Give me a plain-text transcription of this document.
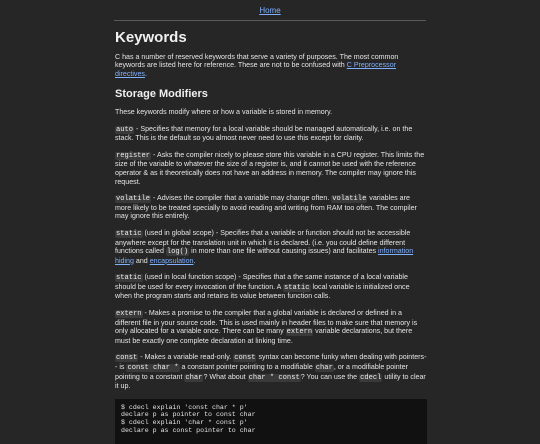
Home
Keywords

C has a number of reserved keywords that serve a variety of purposes. The most common keywords are listed here for reference. These are not to be confused with C Preprocessor directives.

Storage Modifiers

These keywords modify where or how a variable is stored in memory.

auto - Specifies that memory for a local variable should be managed automatically, i.e. on the stack. This is the default so you almost never need to use this except for clarity.

register - Asks the compiler nicely to please store this variable in a CPU register. This limits the size of the variable to whatever the size of a register is, and it cannot be used with the reference operator & as it theoretically does not have an address in memory. The compiler may ignore this request.

volatile - Advises the compiler that a variable may change often. volatile variables are more likely to be treated specially to avoid reading and writing from RAM too often. The compiler may ignore this entirely.

static (used in global scope) - Specifies that a variable or function should not be accessible anywhere except for the translation unit in which it is declared. (i.e. you could define different functions called log() in more than one file without causing issues) and facilitates information hiding and encapsulation.

static (used in local function scope) - Specifies that a the same instance of a local variable should be used for every invocation of the function. A static local variable is initialized once when the program starts and retains its value between function calls.

extern - Makes a promise to the compiler that a global variable is declared or defined in a different file in your source code. This is used mainly in header files to make sure that memory is only allocated for a variable once. There can be many extern variable declarations, but there must be exactly one complete declaration at linking time.

const - Makes a variable read-only. const syntax can become funky when dealing with pointers-- is const char * a constant pointer pointing to a modifiable char, or a modifiable pointer pointing to a constant char? What about char * const? You can use the cdecl utility to clear it up.

$ cdecl explain 'const char * p'
declare p as pointer to const char
$ cdecl explain 'char * const p'
declare p as const pointer to char
